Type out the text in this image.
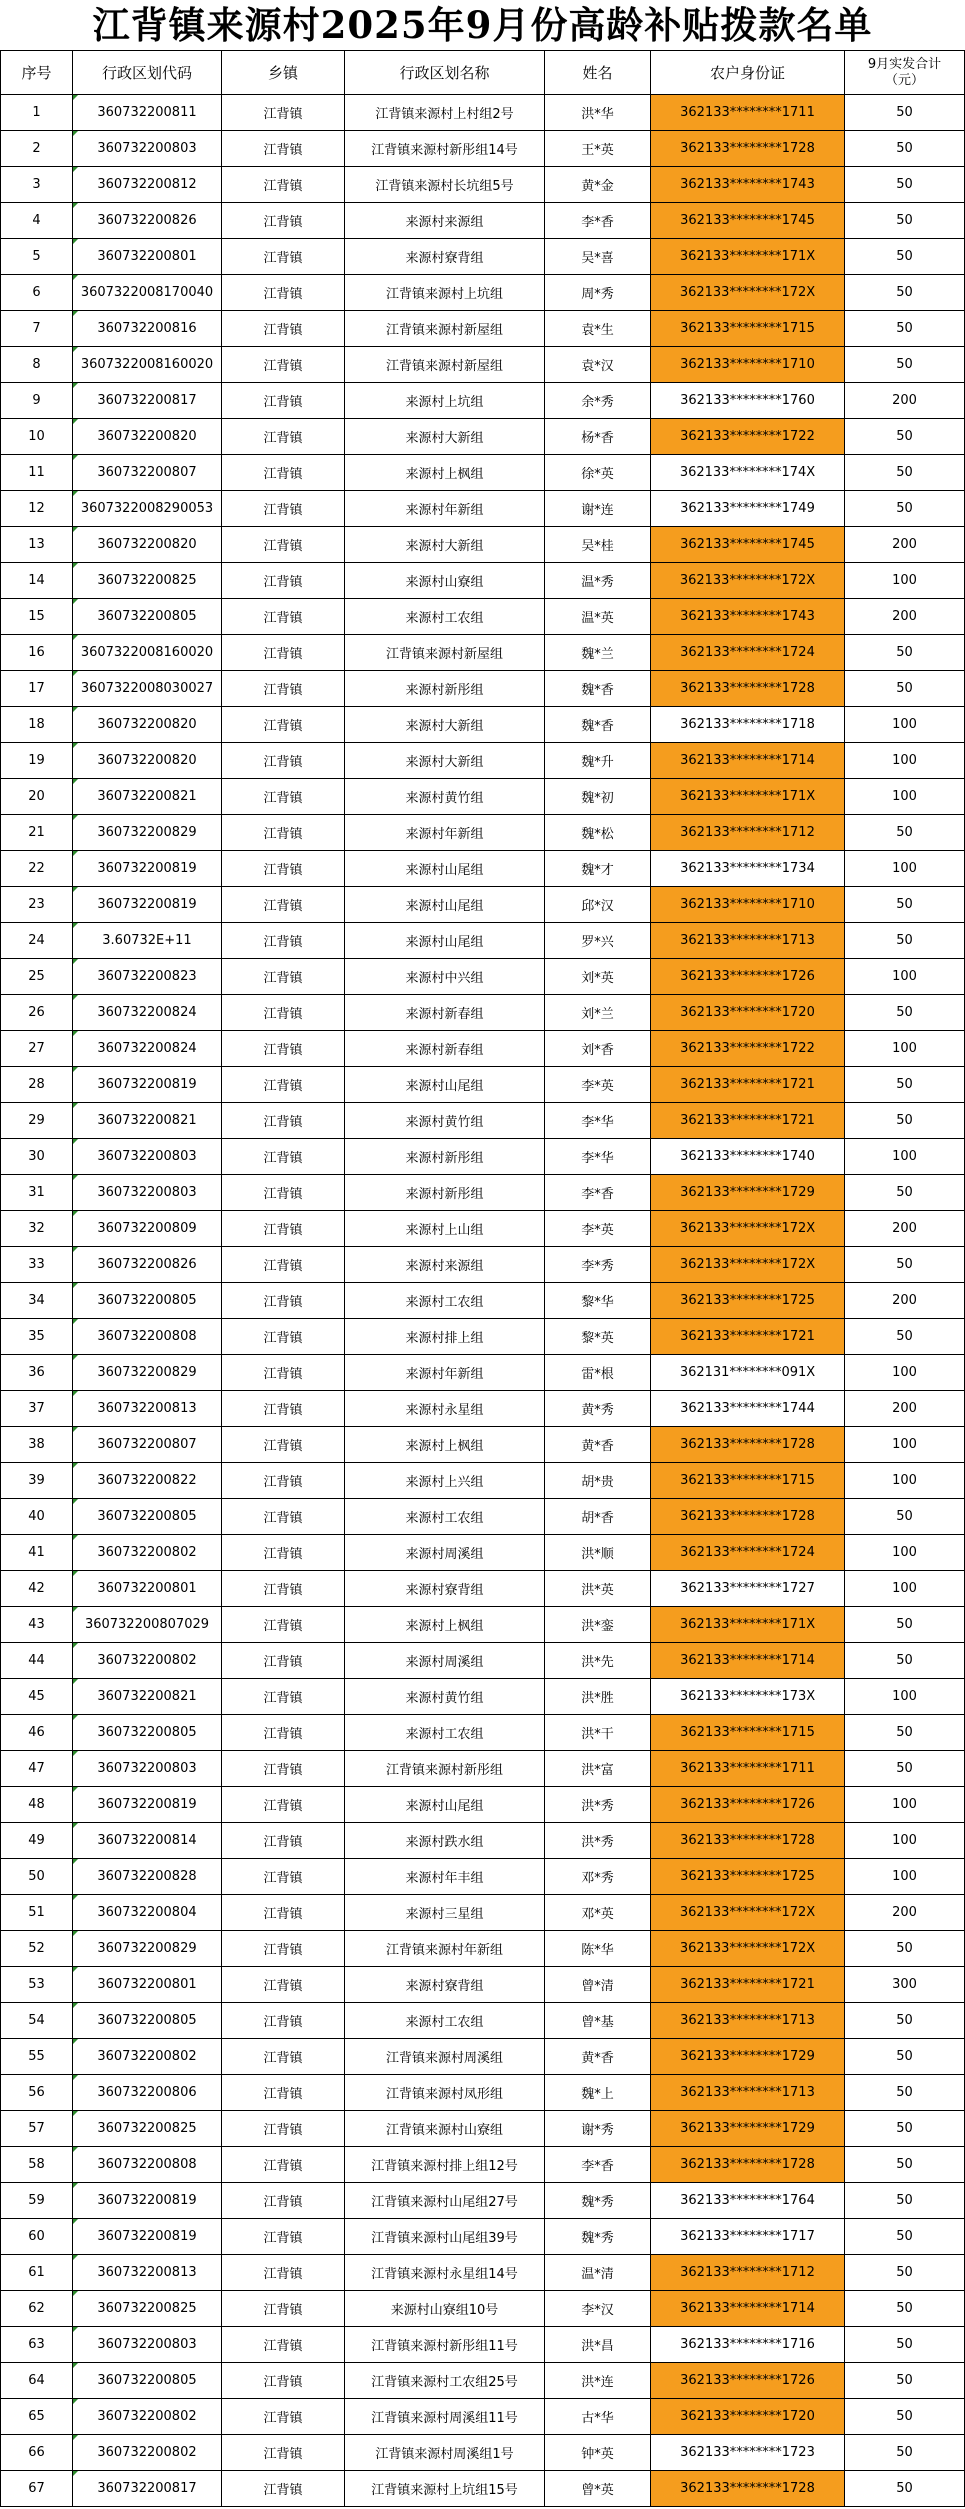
江背镇来源村2025年9月份高龄补贴拨款名单
序号	行政区划代码	乡镇	行政区划名称	姓名	农户身份证	9月实发合计
（元）
1	360732200811	江背镇	江背镇来源村上村组2号	洪*华	362133********1711	50
2	360732200803	江背镇	江背镇来源村新彤组14号	王*英	362133********1728	50
3	360732200812	江背镇	江背镇来源村长坑组5号	黄*金	362133********1743	50
4	360732200826	江背镇	来源村来源组	李*香	362133********1745	50
5	360732200801	江背镇	来源村寮背组	吴*喜	362133********171X	50
6	3607322008170040	江背镇	江背镇来源村上坑组	周*秀	362133********172X	50
7	360732200816	江背镇	江背镇来源村新屋组	袁*生	362133********1715	50
8	3607322008160020	江背镇	江背镇来源村新屋组	袁*汉	362133********1710	50
9	360732200817	江背镇	来源村上坑组	余*秀	362133********1760	200
10	360732200820	江背镇	来源村大新组	杨*香	362133********1722	50
11	360732200807	江背镇	来源村上枫组	徐*英	362133********174X	50
12	3607322008290053	江背镇	来源村年新组	谢*连	362133********1749	50
13	360732200820	江背镇	来源村大新组	吴*桂	362133********1745	200
14	360732200825	江背镇	来源村山寮组	温*秀	362133********172X	100
15	360732200805	江背镇	来源村工农组	温*英	362133********1743	200
16	3607322008160020	江背镇	江背镇来源村新屋组	魏*兰	362133********1724	50
17	3607322008030027	江背镇	来源村新彤组	魏*香	362133********1728	50
18	360732200820	江背镇	来源村大新组	魏*香	362133********1718	100
19	360732200820	江背镇	来源村大新组	魏*升	362133********1714	100
20	360732200821	江背镇	来源村黄竹组	魏*初	362133********171X	100
21	360732200829	江背镇	来源村年新组	魏*松	362133********1712	50
22	360732200819	江背镇	来源村山尾组	魏*才	362133********1734	100
23	360732200819	江背镇	来源村山尾组	邱*汉	362133********1710	50
24	3.60732E+11	江背镇	来源村山尾组	罗*兴	362133********1713	50
25	360732200823	江背镇	来源村中兴组	刘*英	362133********1726	100
26	360732200824	江背镇	来源村新春组	刘*兰	362133********1720	50
27	360732200824	江背镇	来源村新春组	刘*香	362133********1722	100
28	360732200819	江背镇	来源村山尾组	李*英	362133********1721	50
29	360732200821	江背镇	来源村黄竹组	李*华	362133********1721	50
30	360732200803	江背镇	来源村新彤组	李*华	362133********1740	100
31	360732200803	江背镇	来源村新彤组	李*香	362133********1729	50
32	360732200809	江背镇	来源村上山组	李*英	362133********172X	200
33	360732200826	江背镇	来源村来源组	李*秀	362133********172X	50
34	360732200805	江背镇	来源村工农组	黎*华	362133********1725	200
35	360732200808	江背镇	来源村排上组	黎*英	362133********1721	50
36	360732200829	江背镇	来源村年新组	雷*根	362131********091X	100
37	360732200813	江背镇	来源村永星组	黄*秀	362133********1744	200
38	360732200807	江背镇	来源村上枫组	黄*香	362133********1728	100
39	360732200822	江背镇	来源村上兴组	胡*贵	362133********1715	100
40	360732200805	江背镇	来源村工农组	胡*香	362133********1728	50
41	360732200802	江背镇	来源村周溪组	洪*顺	362133********1724	100
42	360732200801	江背镇	来源村寮背组	洪*英	362133********1727	100
43	360732200807029	江背镇	来源村上枫组	洪*銮	362133********171X	50
44	360732200802	江背镇	来源村周溪组	洪*先	362133********1714	50
45	360732200821	江背镇	来源村黄竹组	洪*胜	362133********173X	100
46	360732200805	江背镇	来源村工农组	洪*干	362133********1715	50
47	360732200803	江背镇	江背镇来源村新彤组	洪*富	362133********1711	50
48	360732200819	江背镇	来源村山尾组	洪*秀	362133********1726	100
49	360732200814	江背镇	来源村跌水组	洪*秀	362133********1728	100
50	360732200828	江背镇	来源村年丰组	邓*秀	362133********1725	100
51	360732200804	江背镇	来源村三星组	邓*英	362133********172X	200
52	360732200829	江背镇	江背镇来源村年新组	陈*华	362133********172X	50
53	360732200801	江背镇	来源村寮背组	曾*清	362133********1721	300
54	360732200805	江背镇	来源村工农组	曾*基	362133********1713	50
55	360732200802	江背镇	江背镇来源村周溪组	黄*香	362133********1729	50
56	360732200806	江背镇	江背镇来源村凤形组	魏*上	362133********1713	50
57	360732200825	江背镇	江背镇来源村山寮组	谢*秀	362133********1729	50
58	360732200808	江背镇	江背镇来源村排上组12号	李*香	362133********1728	50
59	360732200819	江背镇	江背镇来源村山尾组27号	魏*秀	362133********1764	50
60	360732200819	江背镇	江背镇来源村山尾组39号	魏*秀	362133********1717	50
61	360732200813	江背镇	江背镇来源村永星组14号	温*清	362133********1712	50
62	360732200825	江背镇	来源村山寮组10号	李*汉	362133********1714	50
63	360732200803	江背镇	江背镇来源村新彤组11号	洪*昌	362133********1716	50
64	360732200805	江背镇	江背镇来源村工农组25号	洪*连	362133********1726	50
65	360732200802	江背镇	江背镇来源村周溪组11号	古*华	362133********1720	50
66	360732200802	江背镇	江背镇来源村周溪组1号	钟*英	362133********1723	50
67	360732200817	江背镇	江背镇来源村上坑组15号	曾*英	362133********1728	50
